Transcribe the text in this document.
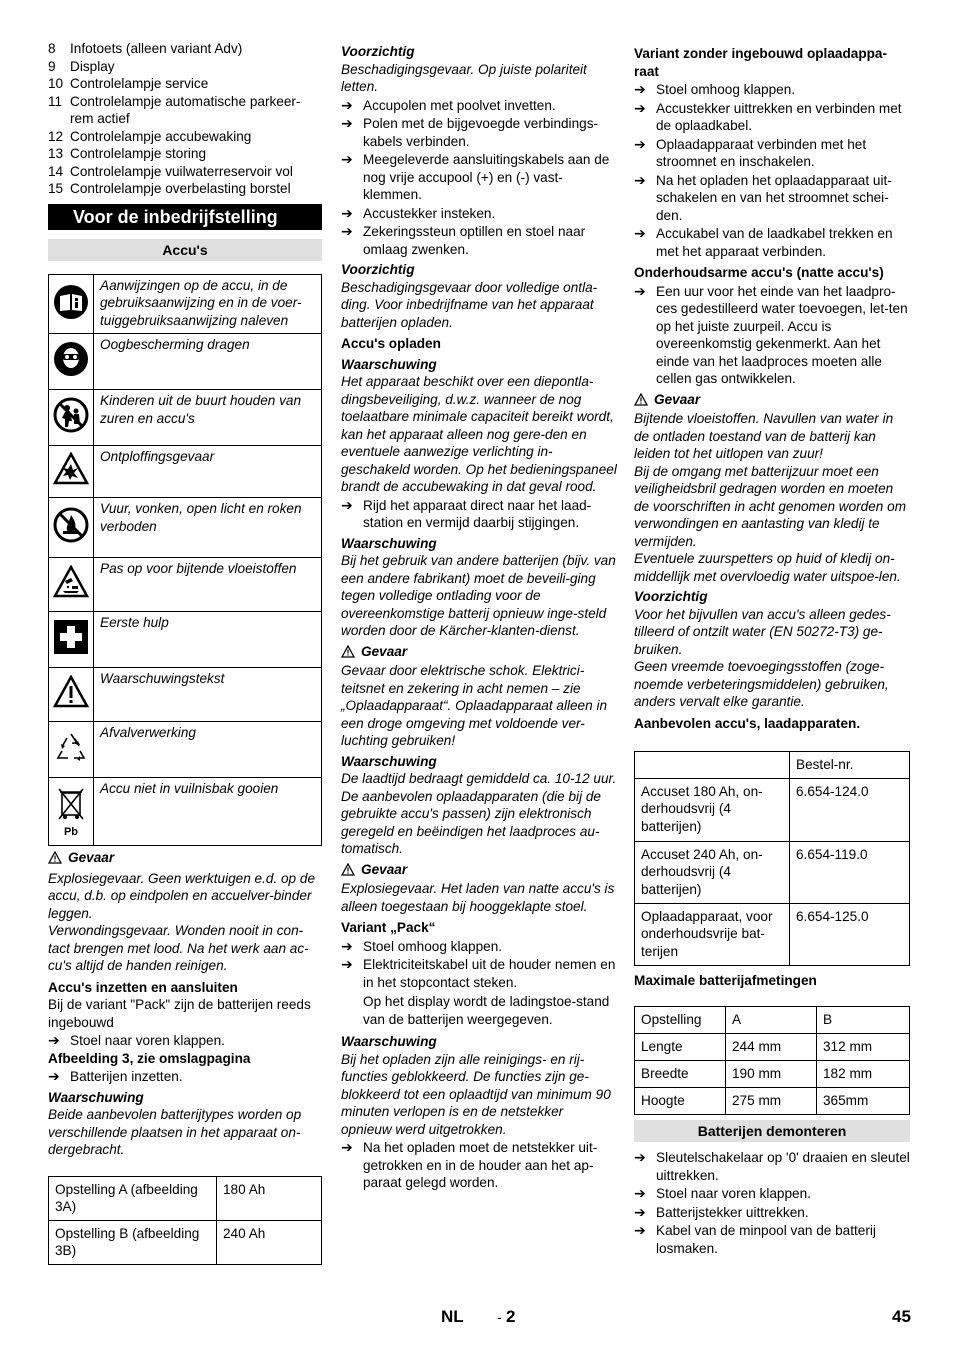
8	Infotoets (alleen variant Adv)
9	Display
10 Controlelampje service
11 Controlelampje automatische parkeer-rem actief
12 Controlelampje accubewaking
13 Controlelampje storing
14 Controlelampje vuilwaterreservoir vol
15 Controlelampje overbelasting borstel
Voor de inbedrijfstelling
Accu's
	Aanwijzingen op de accu, in de gebruiksaanwijzing en in de voer-tuiggebruiksaanwijzing naleven
	Oogbescherming dragen
	Kinderen uit de buurt houden van zuren en accu's
	Ontploffingsgevaar
	Vuur, vonken, open licht en roken verboden
	Pas op voor bijtende vloeistoffen
	Eerste hulp
	Waarschuwingstekst
	Afvalverwerking

Pb	Accu niet in vuilnisbak gooien
Gevaar

Explosiegevaar. Geen werktuigen e.d. op de accu, d.b. op eindpolen en accuelver-binder leggen.

Verwondingsgevaar. Wonden nooit in con-tact brengen met lood. Na het werk aan ac-cu's altijd de handen reinigen.

Accu's inzetten en aansluiten

Bij de variant "Pack" zijn de batterijen reeds ingebouwd

➔ Stoel naar voren klappen.

Afbeelding 3, zie omslagpagina

➔ Batterijen inzetten.

Waarschuwing

Beide aanbevolen batterijtypes worden op verschillende plaatsen in het apparaat on-dergebracht.

Opstelling A (afbeelding 3A)	180 Ah
Opstelling B (afbeelding 3B)	240 Ah

Voorzichtig

Beschadigingsgevaar. Op juiste polariteit letten.

➔ Accupolen met poolvet invetten.
➔ Polen met de bijgevoegde verbindings-kabels verbinden.
➔ Meegeleverde aansluitingskabels aan de nog vrije accupool (+) en (-) vast-klemmen.
➔ Accustekker insteken.
➔ Zekeringssteun optillen en stoel naar omlaag zwenken.

Voorzichtig

Beschadigingsgevaar door volledige ontla-ding. Voor inbedrijfname van het apparaat batterijen opladen.

Accu's opladen

Waarschuwing

Het apparaat beschikt over een diepontla-dingsbeveiliging, d.w.z. wanneer de nog toelaatbare minimale capaciteit bereikt wordt, kan het apparaat alleen nog gere-den en eventuele aanwezige verlichting in-geschakeld worden. Op het bedieningspaneel brandt de accubewaking in dat geval rood.

➔ Rijd het apparaat direct naar het laad-station en vermijd daarbij stijgingen.

Waarschuwing

Bij het gebruik van andere batterijen (bijv. van een andere fabrikant) moet de beveili-ging tegen volledige ontlading voor de overeenkomstige batterij opnieuw inge-steld worden door de Kärcher-klanten-dienst.

Gevaar

Gevaar door elektrische schok. Elektrici-teitsnet en zekering in acht nemen – zie „Oplaadapparaat“. Oplaadapparaat alleen in een droge omgeving met voldoende ver-luchting gebruiken!

Waarschuwing

De laadtijd bedraagt gemiddeld ca. 10-12 uur.

De aanbevolen oplaadapparaten (die bij de gebruikte accu's passen) zijn elektronisch geregeld en beëindigen het laadproces au-tomatisch.

Gevaar

Explosiegevaar. Het laden van natte accu's is alleen toegestaan bij hooggeklapte stoel.

Variant „Pack“

➔ Stoel omhoog klappen.
➔ Elektriciteitskabel uit de houder nemen en in het stopcontact steken.

Op het display wordt de ladingstoe-stand van de batterijen weergegeven.

Waarschuwing

Bij het opladen zijn alle reinigings- en rij-functies geblokkeerd. De functies zijn ge-blokkeerd tot een oplaadtijd van minimum 90 minuten verlopen is en de netstekker opnieuw werd uitgetrokken.

➔ Na het opladen moet de netstekker uit-getrokken en in de houder aan het ap-paraat gelegd worden.

Variant zonder ingebouwd oplaadappa-raat

➔ Stoel omhoog klappen.
➔ Accustekker uittrekken en verbinden met de oplaadkabel.
➔ Oplaadapparaat verbinden met het stroomnet en inschakelen.
➔ Na het opladen het oplaadapparaat uit-schakelen en van het stroomnet schei-den.
➔ Accukabel van de laadkabel trekken en met het apparaat verbinden.

Onderhoudsarme accu's (natte accu's)

➔ Een uur voor het einde van het laadpro-ces gedestilleerd water toevoegen, let-ten op het juiste zuurpeil. Accu is overeenkomstig gekenmerkt. Aan het einde van het laadproces moeten alle cellen gas ontwikkelen.
Gevaar

Bijtende vloeistoffen. Navullen van water in de ontladen toestand van de batterij kan leiden tot het uitlopen van zuur!

Bij de omgang met batterijzuur moet een veiligheidsbril gedragen worden en moeten de voorschriften in acht genomen worden om verwondingen en aantasting van kledij te vermijden.

Eventuele zuurspetters op huid of kledij on-middellijk met overvloedig water uitspoe-len.

Voorzichtig

Voor het bijvullen van accu's alleen gedes-tilleerd of ontzilt water (EN 50272-T3) ge-bruiken.

Geen vreemde toevoegingsstoffen (zoge-noemde verbeteringsmiddelen) gebruiken, anders vervalt elke garantie.

Aanbevolen accu's, laadapparaten.

	Bestel-nr.
Accuset 180 Ah, on-derhoudsvrij (4 batterijen)	6.654-124.0
Accuset 240 Ah, on-derhoudsvrij (4 batterijen)	6.654-119.0
Oplaadapparaat, voor onderhoudsvrije bat-terijen	6.654-125.0

Maximale batterijafmetingen

Opstelling	A	B
Lengte	244 mm	312 mm
Breedte	190 mm	182 mm
Hoogte	275 mm	365mm
Batterijen demonteren
➔ Sleutelschakelaar op '0' draaien en sleutel uittrekken.
➔ Stoel naar voren klappen.
➔ Batterijstekker uittrekken.
➔ Kabel van de minpool van de batterij losmaken.
NL - 2	45
